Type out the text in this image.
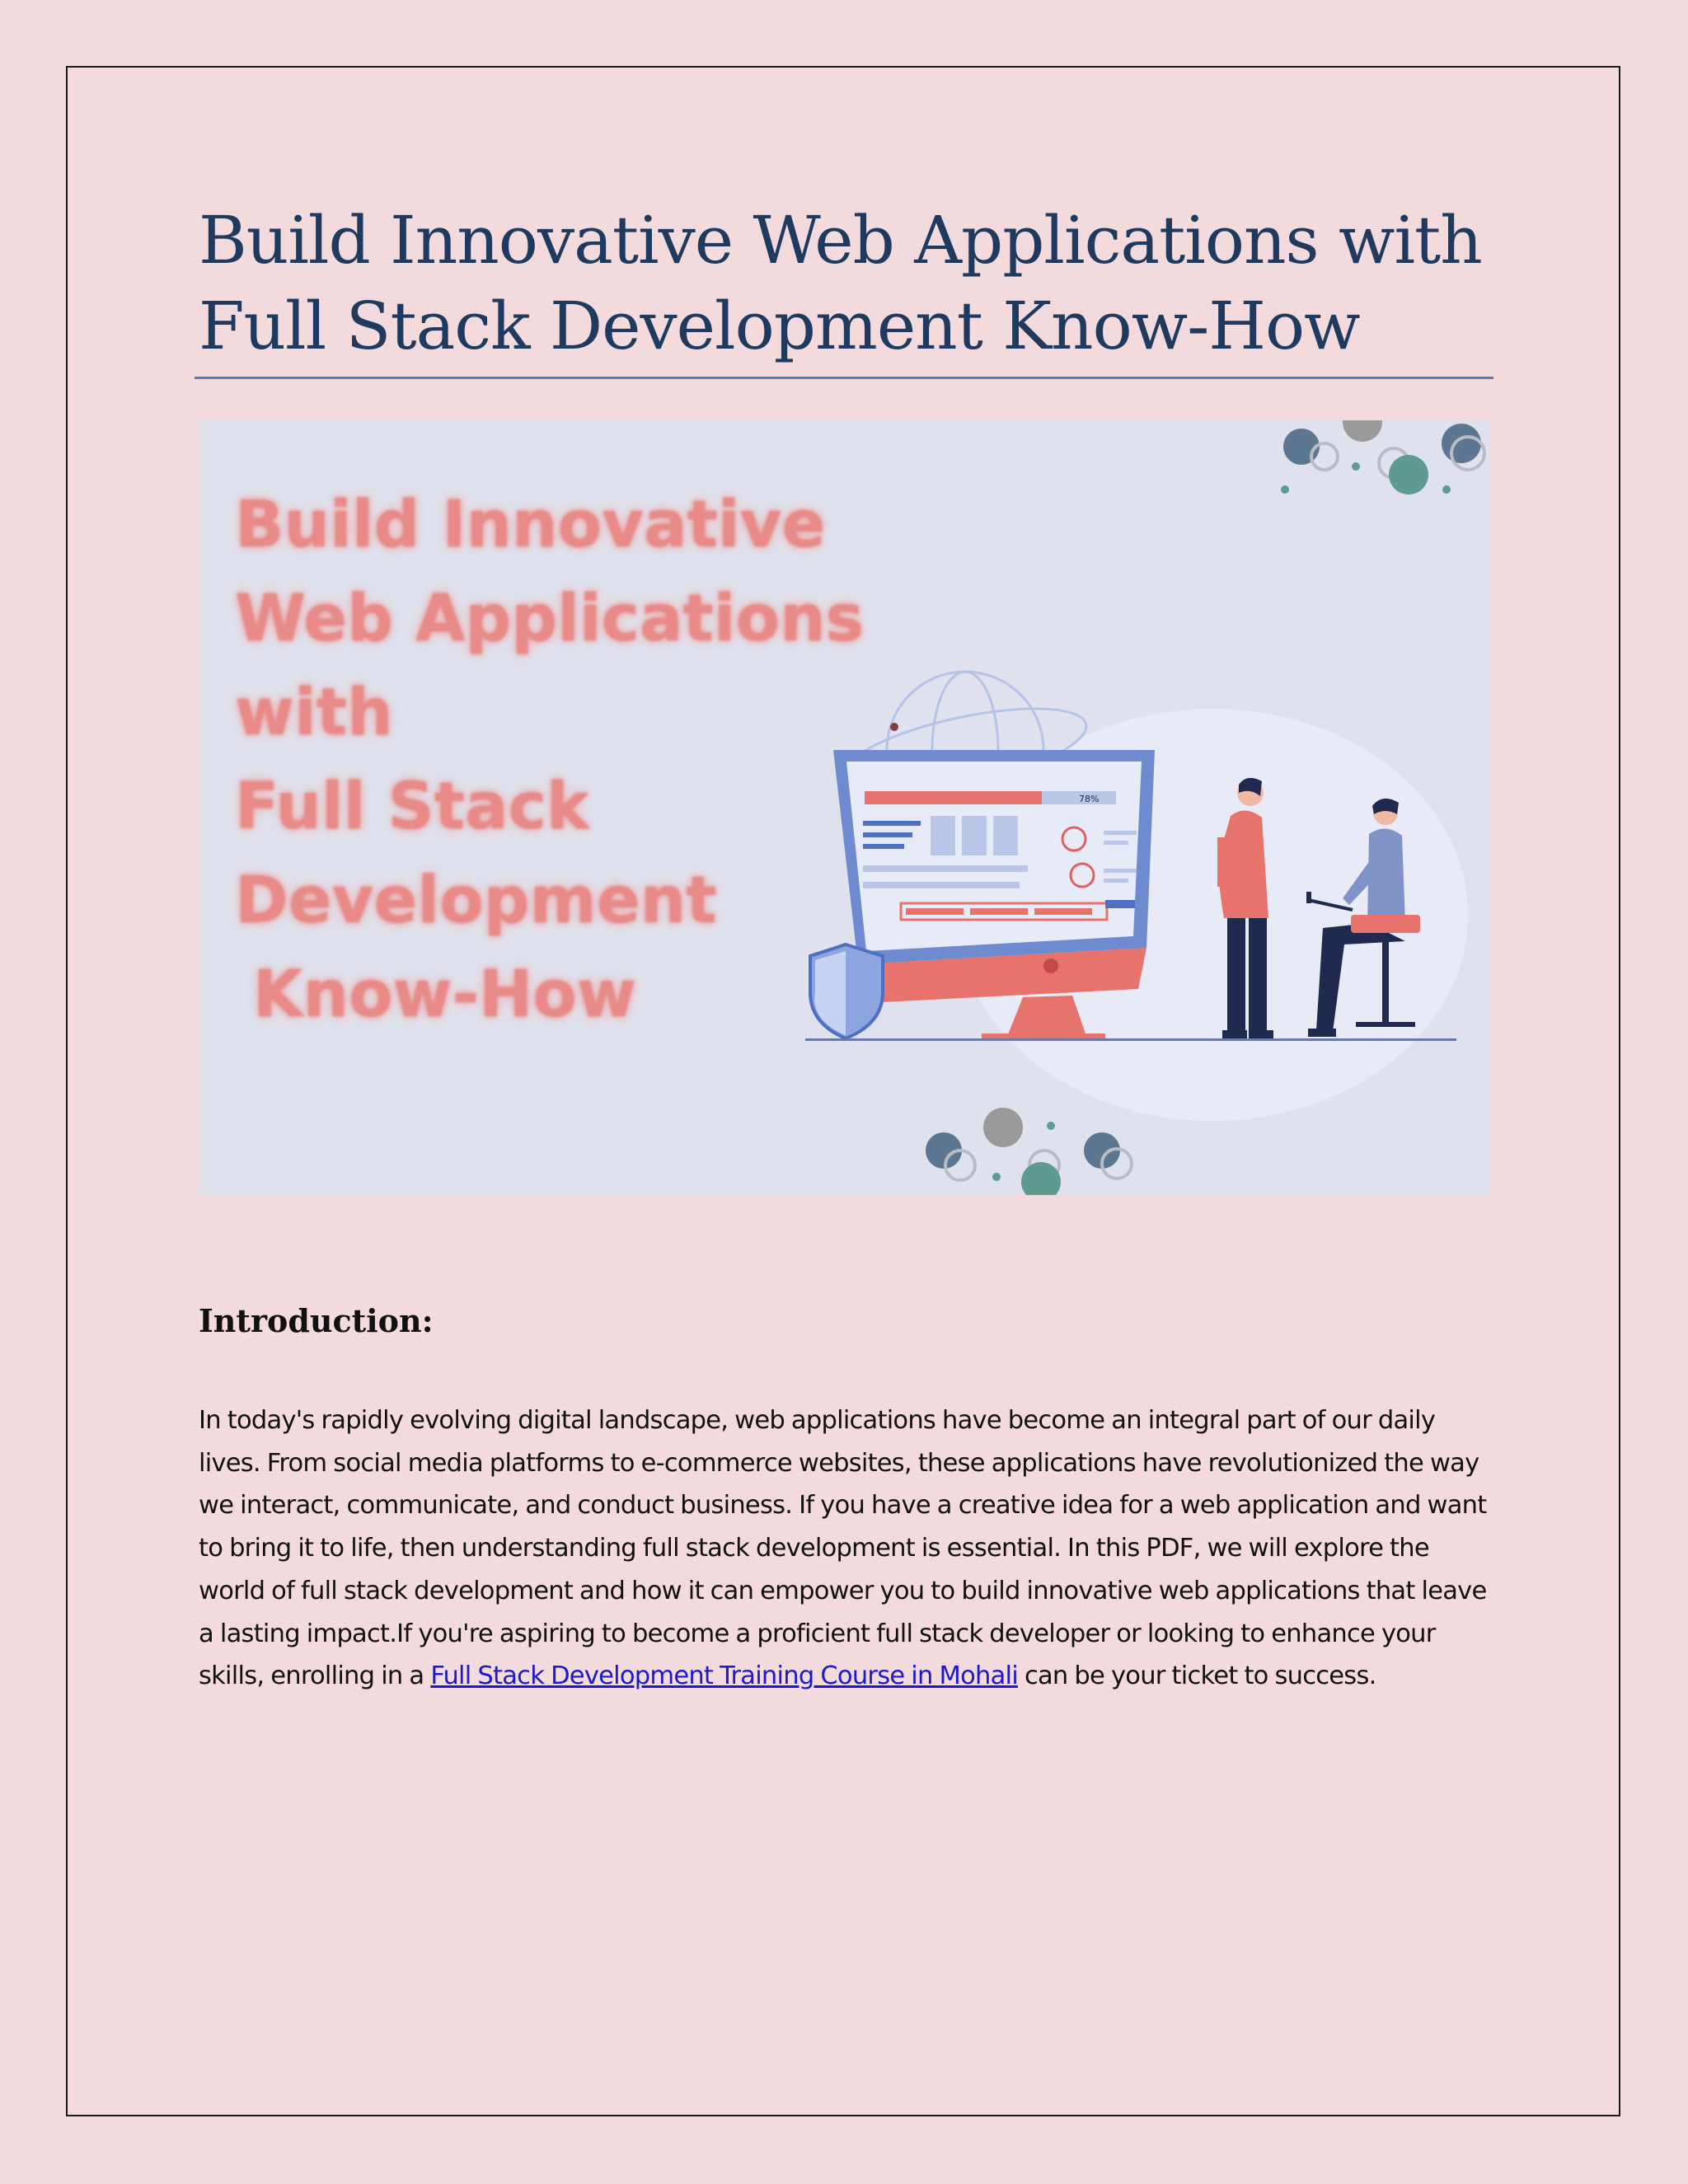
Build Innovative Web Applications with
Full Stack Development Know-How
78%
Build Innovative
Web Applications
with
Full Stack
Development
Know-How
Introduction:

In today's rapidly evolving digital landscape, web applications have become an integral part of our daily lives. From social media platforms to e-commerce websites, these applications have revolutionized the way we interact, communicate, and conduct business. If you have a creative idea for a web application and want to bring it to life, then understanding full stack development is essential. In this PDF, we will explore the world of full stack development and how it can empower you to build innovative web applications that leave a lasting impact.If you're aspiring to become a proficient full stack developer or looking to enhance your skills, enrolling in a Full Stack Development Training Course in Mohali can be your ticket to success.
